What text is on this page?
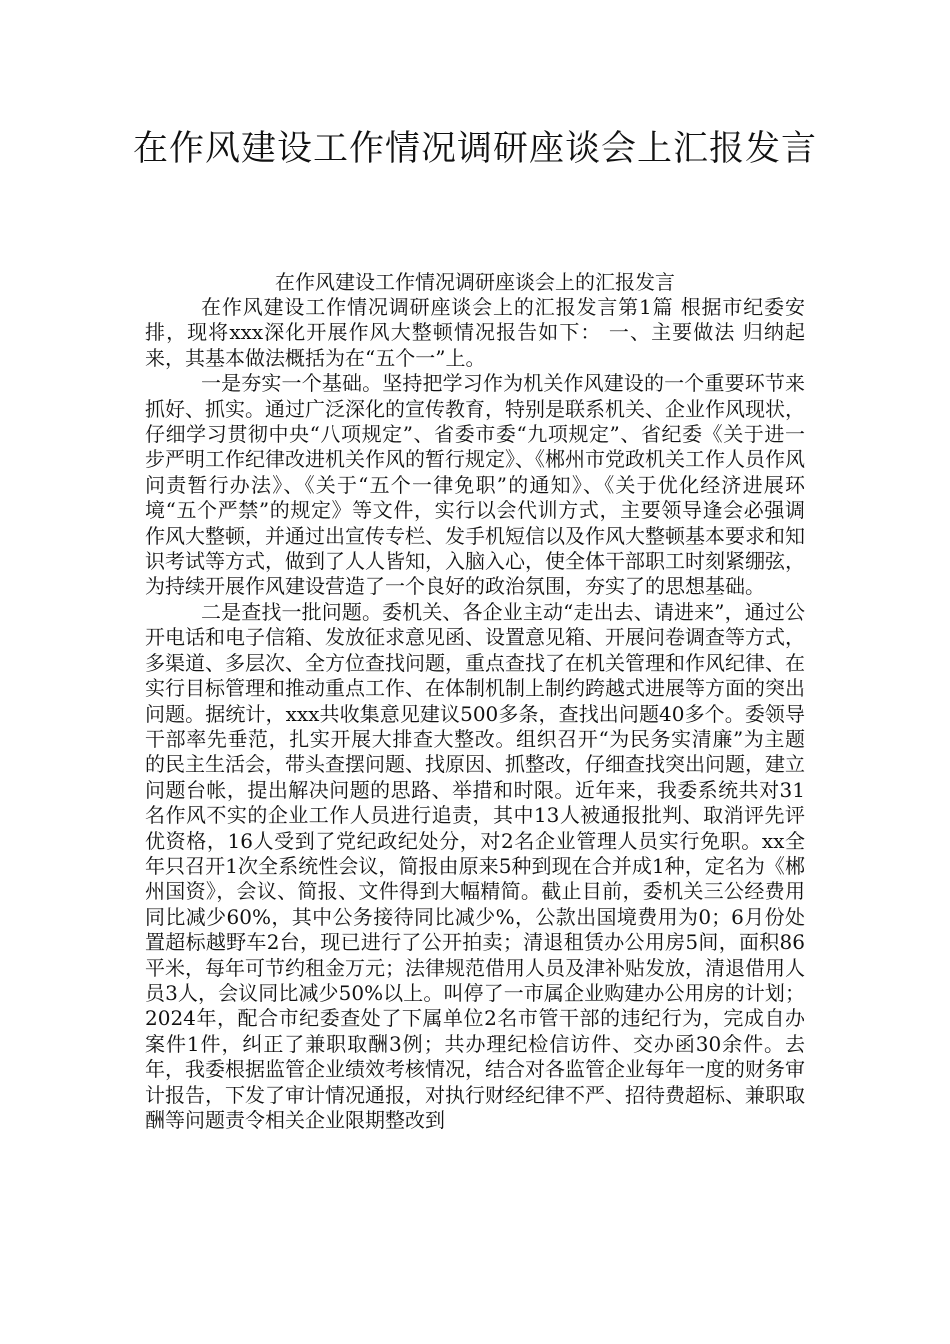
在作风建设工作情况调研座谈会上汇报发言

在作风建设工作情况调研座谈会上的汇报发言

在作风建设工作情况调研座谈会上的汇报发言第1篇 根据市纪委安排，现将xxx深化开展作风大整顿情况报告如下： 一、主要做法 归纳起来，其基本做法概括为在“五个一”上。

一是夯实一个基础。坚持把学习作为机关作风建设的一个重要环节来抓好、抓实。通过广泛深化的宣传教育，特别是联系机关、企业作风现状，仔细学习贯彻中央“八项规定”、省委市委“九项规定”、省纪委《关于进一步严明工作纪律改进机关作风的暂行规定》、《郴州市党政机关工作人员作风问责暂行办法》、《关于“五个一律免职”的通知》、《关于优化经济进展环境“五个严禁”的规定》等文件，实行以会代训方式，主要领导逢会必强调作风大整顿，并通过出宣传专栏、发手机短信以及作风大整顿基本要求和知识考试等方式，做到了人人皆知，入脑入心，使全体干部职工时刻紧绷弦，为持续开展作风建设营造了一个良好的政治氛围，夯实了的思想基础。

二是查找一批问题。委机关、各企业主动“走出去、请进来”，通过公开电话和电子信箱、发放征求意见函、设置意见箱、开展问卷调查等方式，多渠道、多层次、全方位查找问题，重点查找了在机关管理和作风纪律、在实行目标管理和推动重点工作、在体制机制上制约跨越式进展等方面的突出问题。据统计，xxx共收集意见建议500多条，查找出问题40多个。委领导干部率先垂范，扎实开展大排查大整改。组织召开“为民务实清廉”为主题的民主生活会，带头查摆问题、找原因、抓整改，仔细查找突出问题，建立问题台帐，提出解决问题的思路、举措和时限。近年来，我委系统共对31名作风不实的企业工作人员进行追责，其中13人被通报批判、取消评先评优资格，16人受到了党纪政纪处分，对2名企业管理人员实行免职。xx全年只召开1次全系统性会议，简报由原来5种到现在合并成1种，定名为《郴州国资》，会议、简报、文件得到大幅精简。截止目前，委机关三公经费用同比减少60%，其中公务接待同比减少%，公款出国境费用为0；6月份处置超标越野车2台，现已进行了公开拍卖；清退租赁办公用房5间，面积86平米，每年可节约租金万元；法律规范借用人员及津补贴发放，清退借用人员3人，会议同比减少50%以上。叫停了一市属企业购建办公用房的计划；2024年，配合市纪委查处了下属单位2名市管干部的违纪行为，完成自办案件1件，纠正了兼职取酬3例；共办理纪检信访件、交办函30余件。去年，我委根据监管企业绩效考核情况，结合对各监管企业每年一度的财务审计报告，下发了审计情况通报，对执行财经纪律不严、招待费超标、兼职取酬等问题责令相关企业限期整改到
